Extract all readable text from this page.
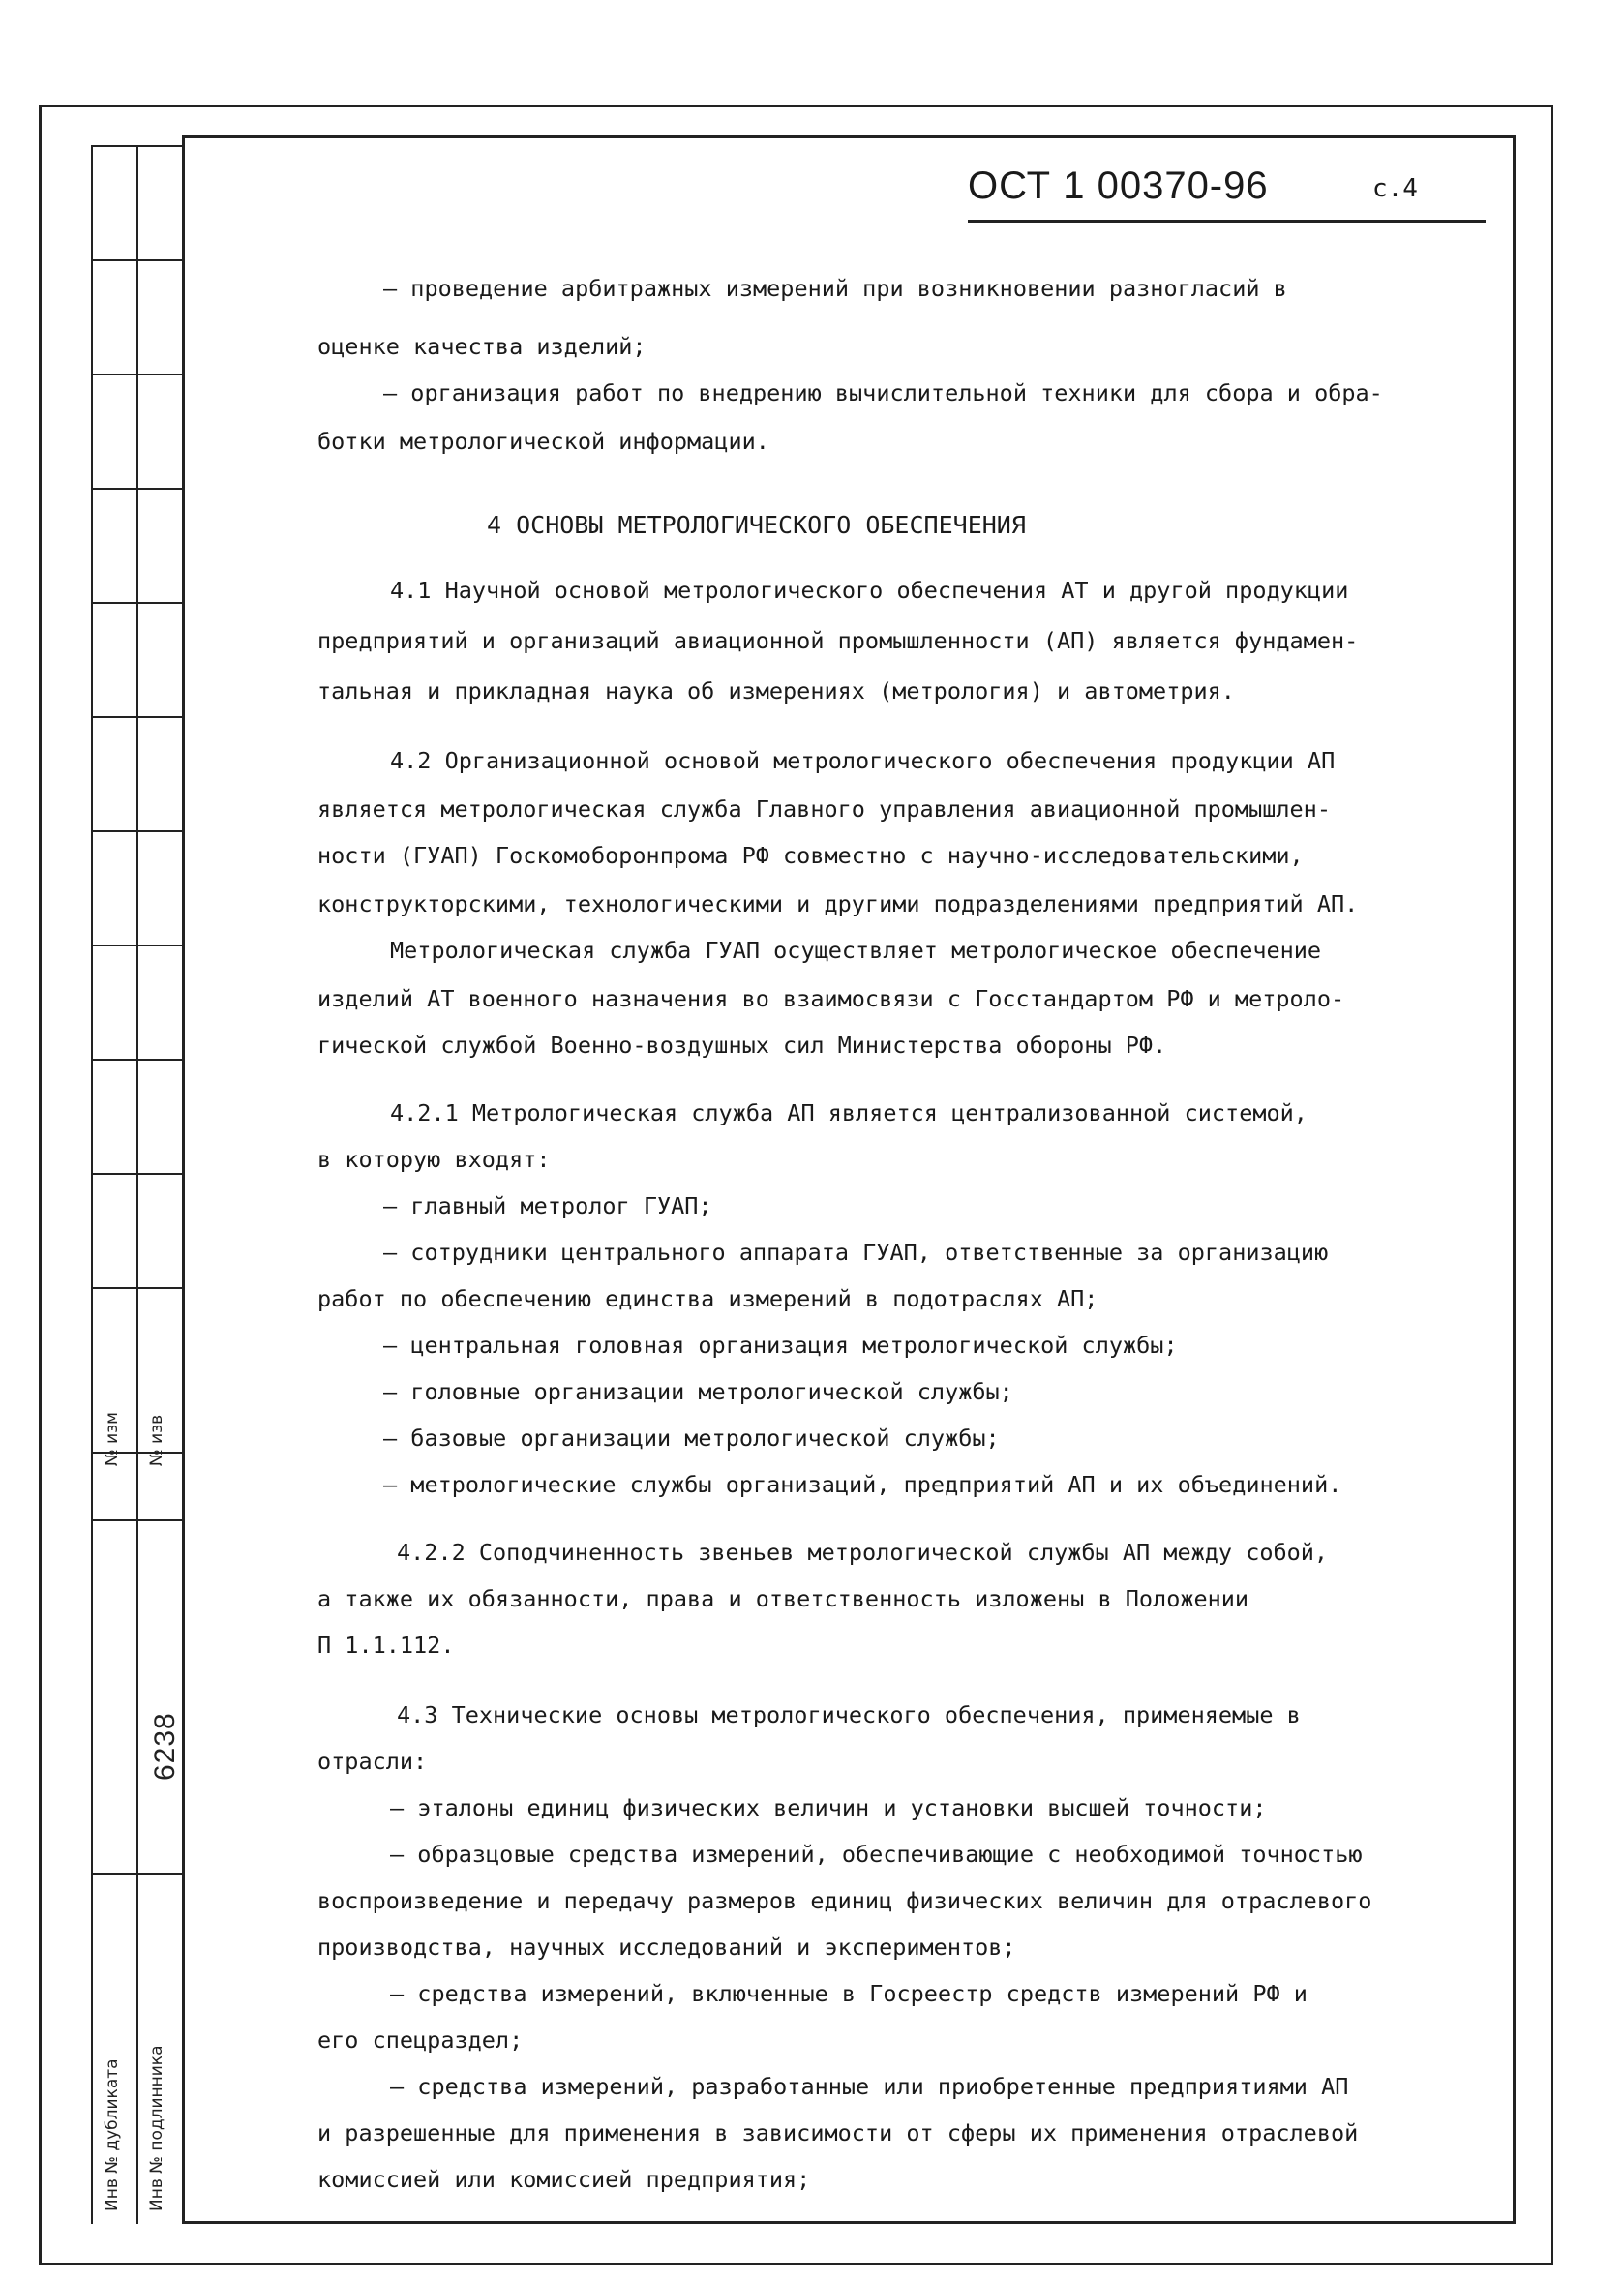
№ изм № изв
6238
Инв № дубликата Инв № подлинника
ОСТ 1 00370-96	с.4
– проведение арбитражных измерений при возникновении разногласий в
оценке качества изделий;
– организация работ по внедрению вычислительной техники для сбора и обра-
ботки метрологической информации.
4 ОСНОВЫ МЕТРОЛОГИЧЕСКОГО ОБЕСПЕЧЕНИЯ
4.1 Научной основой метрологического обеспечения АТ и другой продукции
предприятий и организаций авиационной промышленности (АП) является фундамен-
тальная и прикладная наука об измерениях (метрология) и автометрия.
4.2 Организационной основой метрологического обеспечения продукции АП
является метрологическая служба Главного управления авиационной промышлен-
ности (ГУАП) Госкомоборонпрома РФ совместно с научно-исследовательскими,
конструкторскими, технологическими и другими подразделениями предприятий АП.
Метрологическая служба ГУАП осуществляет метрологическое обеспечение
изделий АТ военного назначения во взаимосвязи с Госстандартом РФ и метроло-
гической службой Военно-воздушных сил Министерства обороны РФ.
4.2.1 Метрологическая служба АП является централизованной системой,
в которую входят:
– главный метролог ГУАП;
– сотрудники центрального аппарата ГУАП, ответственные за организацию
работ по обеспечению единства измерений в подотраслях АП;
– центральная головная организация метрологической службы;
– головные организации метрологической службы;
– базовые организации метрологической службы;
– метрологические службы организаций, предприятий АП и их объединений.
4.2.2 Соподчиненность звеньев метрологической службы АП между собой,
а также их обязанности, права и ответственность изложены в Положении
П 1.1.112.
4.3 Технические основы метрологического обеспечения, применяемые в
отрасли:
– эталоны единиц физических величин и установки высшей точности;
– образцовые средства измерений, обеспечивающие с необходимой точностью
воспроизведение и передачу размеров единиц физических величин для отраслевого
производства, научных исследований и экспериментов;
– средства измерений, включенные в Госреестр средств измерений РФ и
его спецраздел;
– средства измерений, разработанные или приобретенные предприятиями АП
и разрешенные для применения в зависимости от сферы их применения отраслевой
комиссией или комиссией предприятия;
